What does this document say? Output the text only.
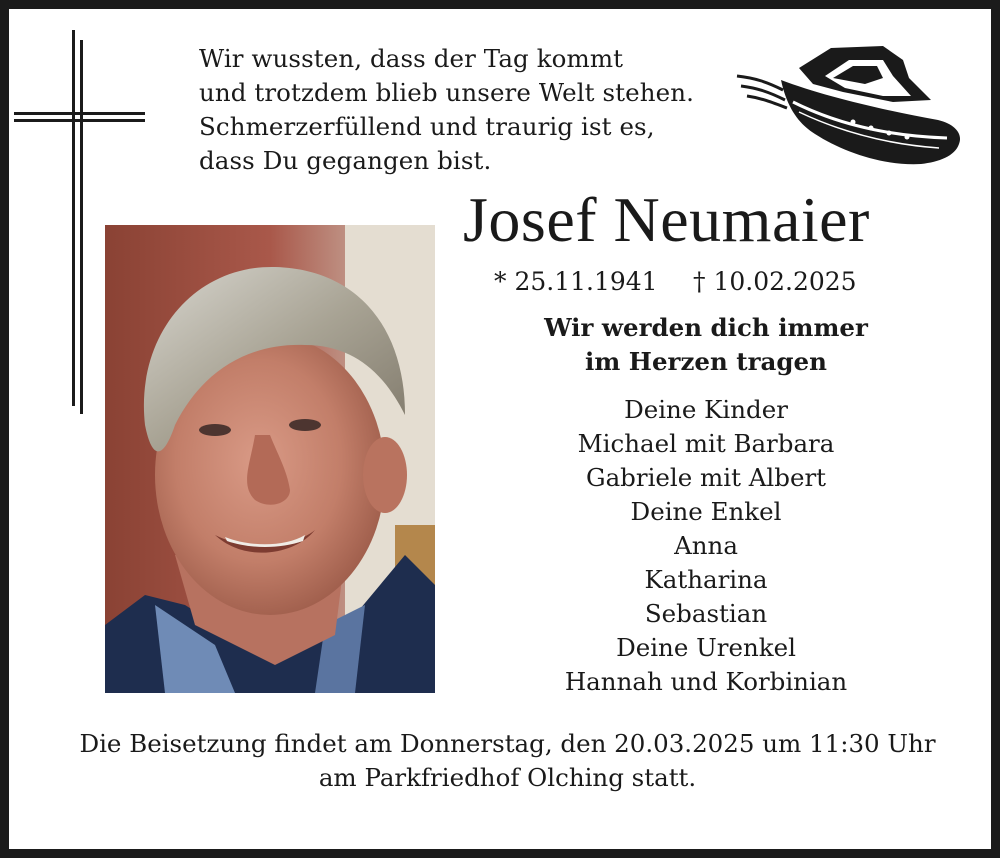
Wir wussten, dass der Tag kommt
und trotzdem blieb unsere Welt stehen.
Schmerzerfüllend und traurig ist es,
dass Du gegangen bist.
Josef Neumaier
* 25.11.1941 † 10.02.2025
Wir werden dich immer
im Herzen tragen
Deine Kinder
Michael mit Barbara
Gabriele mit Albert
Deine Enkel
Anna
Katharina
Sebastian
Deine Urenkel
Hannah und Korbinian
Die Beisetzung findet am Donnerstag, den 20.03.2025 um 11:30 Uhr
am Parkfriedhof Olching statt.
